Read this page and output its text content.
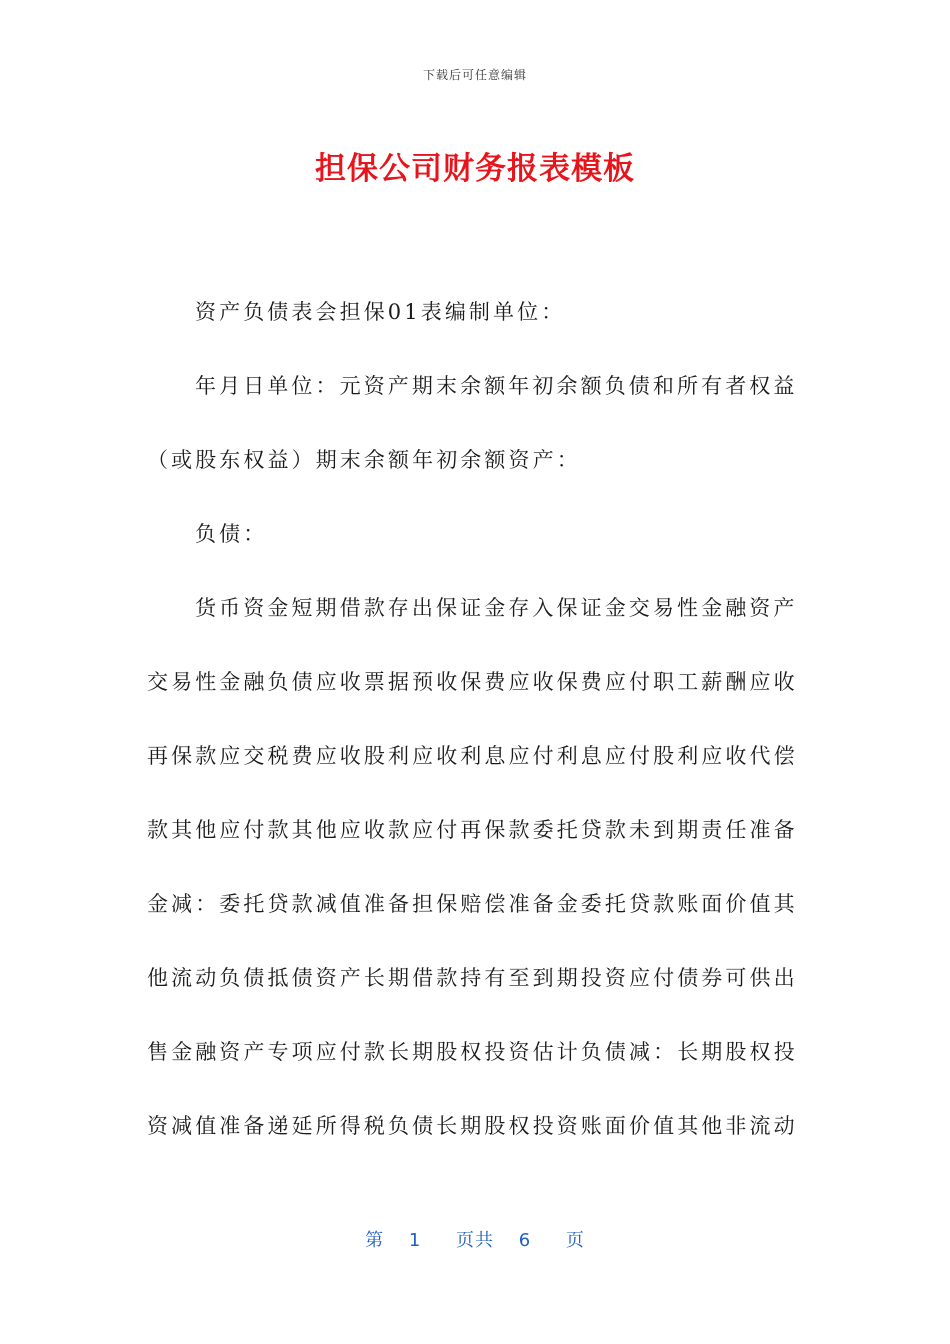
下载后可任意编辑
担保公司财务报表模板

资产负债表会担保01表编制单位：

年月日单位：元资产期末余额年初余额负债和所有者权益
（或股东权益）期末余额年初余额资产：

负债：

货币资金短期借款存出保证金存入保证金交易性金融资产
交易性金融负债应收票据预收保费应收保费应付职工薪酬应收
再保款应交税费应收股利应收利息应付利息应付股利应收代偿
款其他应付款其他应收款应付再保款委托贷款未到期责任准备
金减：委托贷款减值准备担保赔偿准备金委托贷款账面价值其
他流动负债抵债资产长期借款持有至到期投资应付债券可供出
售金融资产专项应付款长期股权投资估计负债减：长期股权投
资减值准备递延所得税负债长期股权投资账面价值其他非流动

第 1 页共 6 页
